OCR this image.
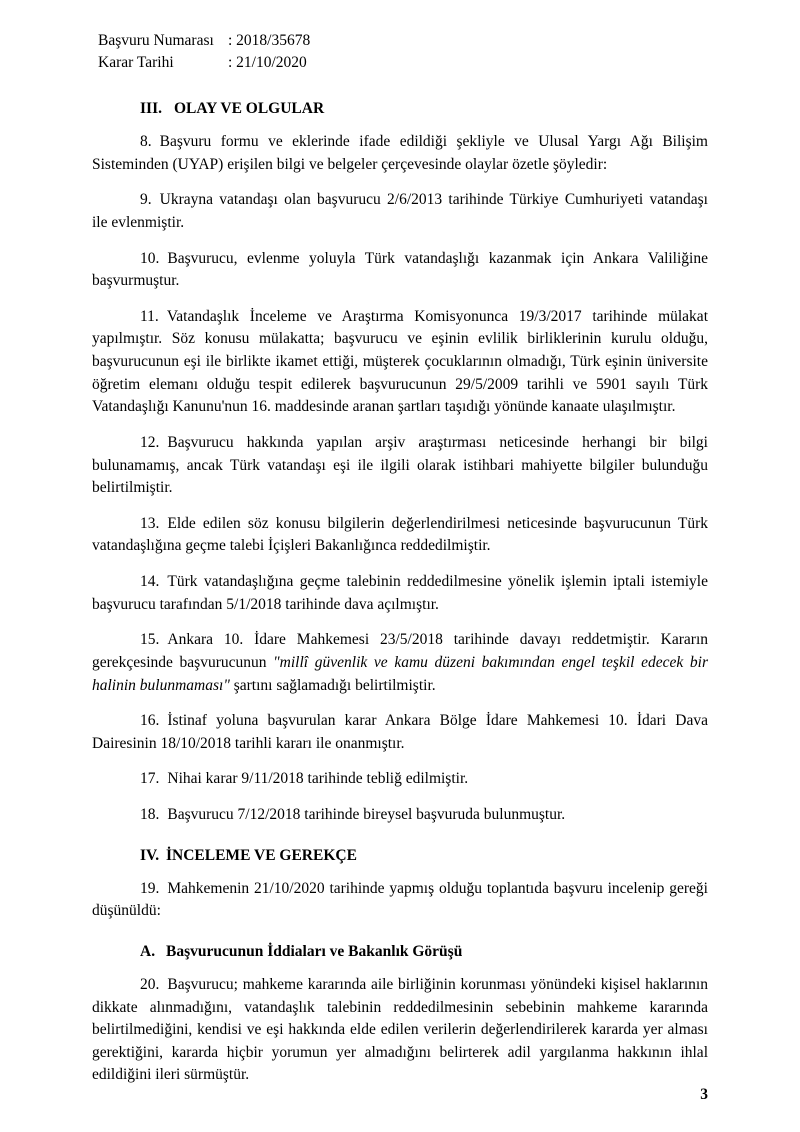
Başvuru Numarası : 2018/35678
Karar Tarihi	: 21/10/2020
III. OLAY VE OLGULAR

8. Başvuru formu ve eklerinde ifade edildiği şekliyle ve Ulusal Yargı Ağı Bilişim Sisteminden (UYAP) erişilen bilgi ve belgeler çerçevesinde olaylar özetle şöyledir:

9. Ukrayna vatandaşı olan başvurucu 2/6/2013 tarihinde Türkiye Cumhuriyeti vatandaşı ile evlenmiştir.

10. Başvurucu, evlenme yoluyla Türk vatandaşlığı kazanmak için Ankara Valiliğine başvurmuştur.

11. Vatandaşlık İnceleme ve Araştırma Komisyonunca 19/3/2017 tarihinde mülakat yapılmıştır. Söz konusu mülakatta; başvurucu ve eşinin evlilik birliklerinin kurulu olduğu, başvurucunun eşi ile birlikte ikamet ettiği, müşterek çocuklarının olmadığı, Türk eşinin üniversite öğretim elemanı olduğu tespit edilerek başvurucunun 29/5/2009 tarihli ve 5901 sayılı Türk Vatandaşlığı Kanunu'nun 16. maddesinde aranan şartları taşıdığı yönünde kanaate ulaşılmıştır.

12. Başvurucu hakkında yapılan arşiv araştırması neticesinde herhangi bir bilgi bulunamamış, ancak Türk vatandaşı eşi ile ilgili olarak istihbari mahiyette bilgiler bulunduğu belirtilmiştir.

13. Elde edilen söz konusu bilgilerin değerlendirilmesi neticesinde başvurucunun Türk vatandaşlığına geçme talebi İçişleri Bakanlığınca reddedilmiştir.

14. Türk vatandaşlığına geçme talebinin reddedilmesine yönelik işlemin iptali istemiyle başvurucu tarafından 5/1/2018 tarihinde dava açılmıştır.

15. Ankara 10. İdare Mahkemesi 23/5/2018 tarihinde davayı reddetmiştir. Kararın gerekçesinde başvurucunun "millî güvenlik ve kamu düzeni bakımından engel teşkil edecek bir halinin bulunmaması" şartını sağlamadığı belirtilmiştir.

16. İstinaf yoluna başvurulan karar Ankara Bölge İdare Mahkemesi 10. İdari Dava Dairesinin 18/10/2018 tarihli kararı ile onanmıştır.

17. Nihai karar 9/11/2018 tarihinde tebliğ edilmiştir.

18. Başvurucu 7/12/2018 tarihinde bireysel başvuruda bulunmuştur.

IV. İNCELEME VE GEREKÇE

19. Mahkemenin 21/10/2020 tarihinde yapmış olduğu toplantıda başvuru incelenip gereği düşünüldü:

A. Başvurucunun İddiaları ve Bakanlık Görüşü

20. Başvurucu; mahkeme kararında aile birliğinin korunması yönündeki kişisel haklarının dikkate alınmadığını, vatandaşlık talebinin reddedilmesinin sebebinin mahkeme kararında belirtilmediğini, kendisi ve eşi hakkında elde edilen verilerin değerlendirilerek kararda yer alması gerektiğini, kararda hiçbir yorumun yer almadığını belirterek adil yargılanma hakkının ihlal edildiğini ileri sürmüştür.

3
